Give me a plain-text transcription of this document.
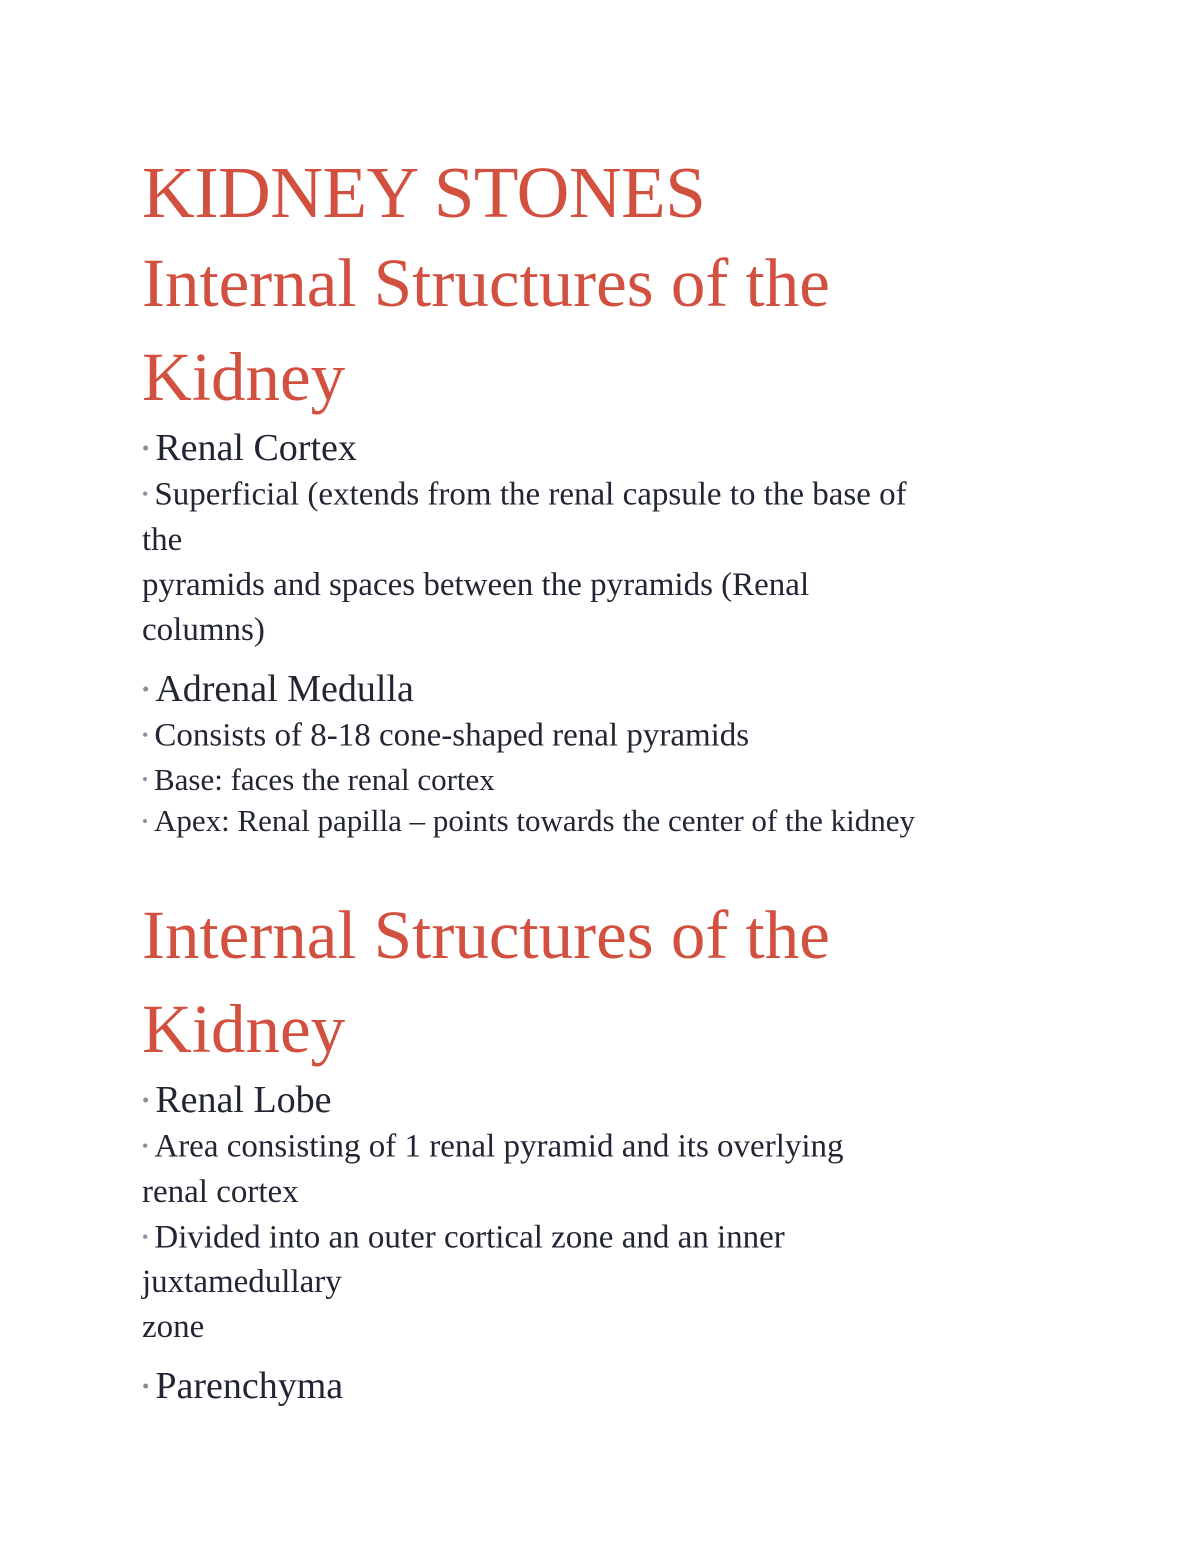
KIDNEY STONES
Internal Structures of the
Kidney

• Renal Cortex

• Superficial (extends from the renal capsule to the base of

the

pyramids and spaces between the pyramids (Renal

columns)

• Adrenal Medulla

• Consists of 8-18 cone-shaped renal pyramids

• Base: faces the renal cortex

• Apex: Renal papilla – points towards the center of the kidney

Internal Structures of the
Kidney

• Renal Lobe

• Area consisting of 1 renal pyramid and its overlying

renal cortex

• Divided into an outer cortical zone and an inner

juxtamedullary

zone

• Parenchyma
